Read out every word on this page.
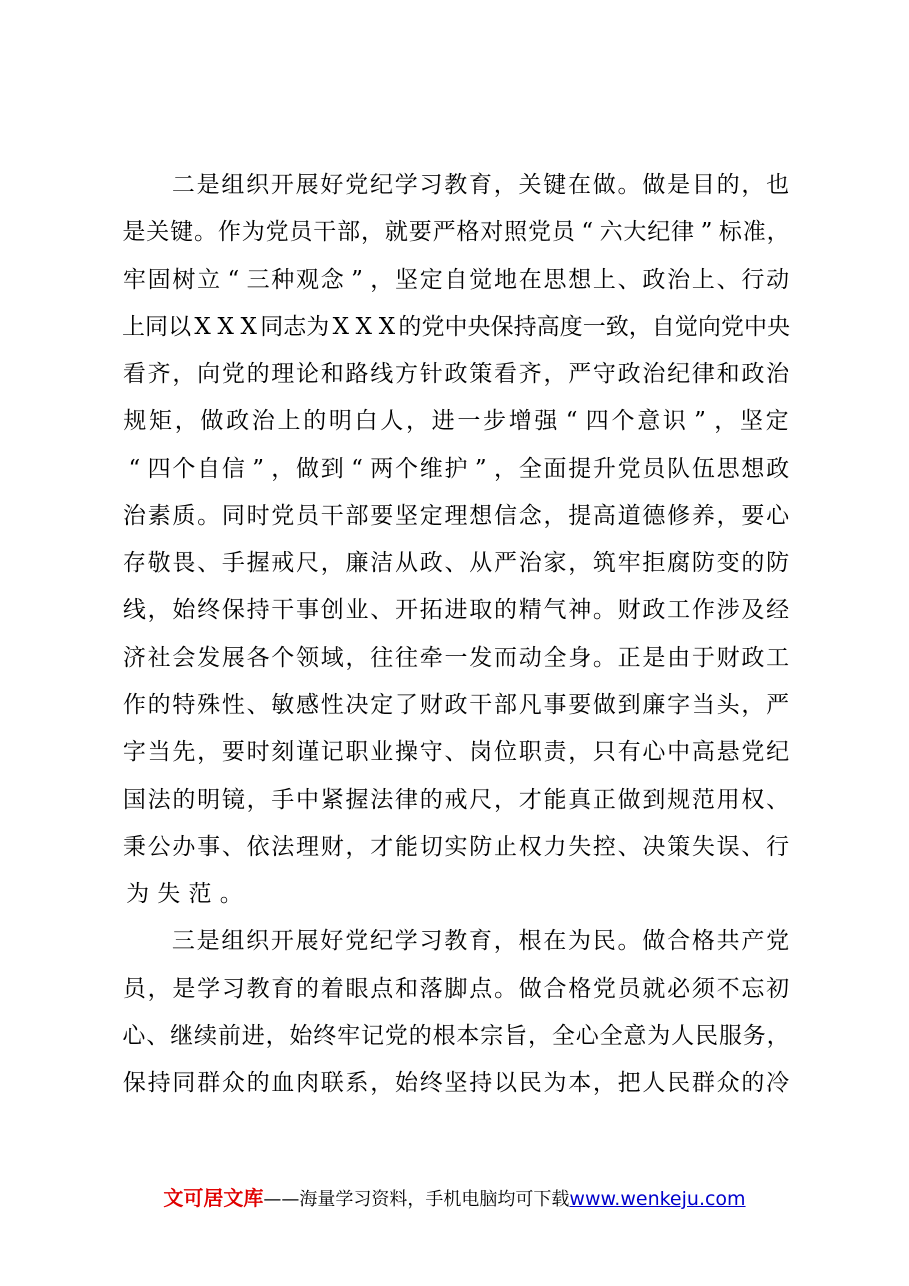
二 是 组 织 开 展 好 党 纪 学 习 教 育 ， 关 键 在 做 。 做 是 目 的 ， 也
是 关 键 。 作 为 党 员 干 部 ， 就 要 严 格 对 照 党 员 “ 六 大 纪 律 ” 标 准 ，
牢 固 树 立 “ 三 种 观 念 ” ， 坚 定 自 觉 地 在 思 想 上 、 政 治 上 、 行 动
上 同 以 X X X 同 志 为 X X X 的 党 中 央 保 持 高 度 一 致 ， 自 觉 向 党 中 央
看 齐 ， 向 党 的 理 论 和 路 线 方 针 政 策 看 齐 ， 严 守 政 治 纪 律 和 政 治
规 矩 ， 做 政 治 上 的 明 白 人 ， 进 一 步 增 强 “ 四 个 意 识 ” ， 坚 定
“ 四 个 自 信 ” ， 做 到 “ 两 个 维 护 ” ， 全 面 提 升 党 员 队 伍 思 想 政
治 素 质 。 同 时 党 员 干 部 要 坚 定 理 想 信 念 ， 提 高 道 德 修 养 ， 要 心
存 敬 畏 、 手 握 戒 尺 ， 廉 洁 从 政 、 从 严 治 家 ， 筑 牢 拒 腐 防 变 的 防
线 ， 始 终 保 持 干 事 创 业 、 开 拓 进 取 的 精 气 神 。 财 政 工 作 涉 及 经
济 社 会 发 展 各 个 领 域 ， 往 往 牵 一 发 而 动 全 身 。 正 是 由 于 财 政 工
作 的 特 殊 性 、 敏 感 性 决 定 了 财 政 干 部 凡 事 要 做 到 廉 字 当 头 ， 严
字 当 先 ， 要 时 刻 谨 记 职 业 操 守 、 岗 位 职 责 ， 只 有 心 中 高 悬 党 纪
国 法 的 明 镜 ， 手 中 紧 握 法 律 的 戒 尺 ， 才 能 真 正 做 到 规 范 用 权 、
秉 公 办 事 、 依 法 理 财 ， 才 能 切 实 防 止 权 力 失 控 、 决 策 失 误 、 行
为 失 范 。
三 是 组 织 开 展 好 党 纪 学 习 教 育 ， 根 在 为 民 。 做 合 格 共 产 党
员 ， 是 学 习 教 育 的 着 眼 点 和 落 脚 点 。 做 合 格 党 员 就 必 须 不 忘 初
心 、 继 续 前 进 ， 始 终 牢 记 党 的 根 本 宗 旨 ， 全 心 全 意 为 人 民 服 务 ，
保 持 同 群 众 的 血 肉 联 系 ， 始 终 坚 持 以 民 为 本 ， 把 人 民 群 众 的 冷
文可居文库——海量学习资料，手机电脑均可下载www.wenkeju.com
